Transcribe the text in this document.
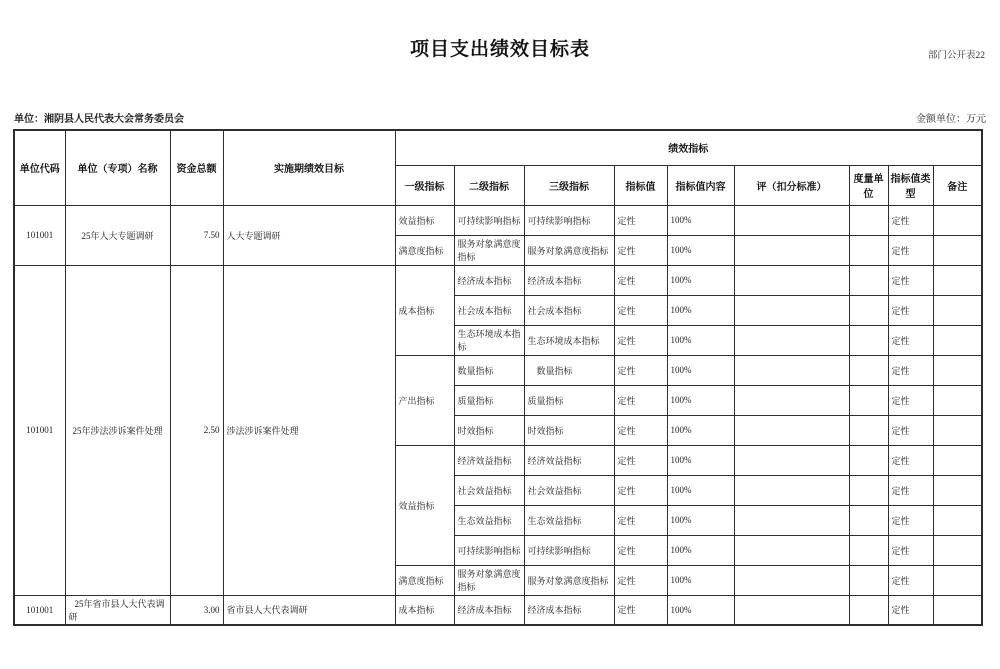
部门公开表22
项目支出绩效目标表
单位：湘阴县人民代表大会常务委员会	金额单位：万元
单位代码	单位（专项）名称	资金总额	实施期绩效目标	绩效指标								
				一级指标	二级指标	三级指标	指标值	指标值内容	评（扣分标准）	度量单位	指标值类型	备注
101001	25年人大专题调研	7.50	人大专题调研	效益指标	可持续影响指标	可持续影响指标	定性	100%			定性	
				满意度指标	服务对象满意度指标	服务对象满意度指标	定性	100%			定性	
101001	25年涉法涉诉案件处理	2.50	涉法涉诉案件处理	成本指标	经济成本指标	经济成本指标	定性	100%			定性	
					社会成本指标	社会成本指标	定性	100%			定性	
					生态环境成本指标	生态环境成本指标	定性	100%			定性	
				产出指标	数量指标	　数量指标	定性	100%			定性	
					质量指标	质量指标	定性	100%			定性	
					时效指标	时效指标	定性	100%			定性	
				效益指标	经济效益指标	经济效益指标	定性	100%			定性	
					社会效益指标	社会效益指标	定性	100%			定性	
					生态效益指标	生态效益指标	定性	100%			定性	
					可持续影响指标	可持续影响指标	定性	100%			定性	
				满意度指标	服务对象满意度指标	服务对象满意度指标	定性	100%			定性	
101001	25年省市县人大代表调研	3.00	省市县人大代表调研	成本指标	经济成本指标	经济成本指标	定性	100%			定性	
